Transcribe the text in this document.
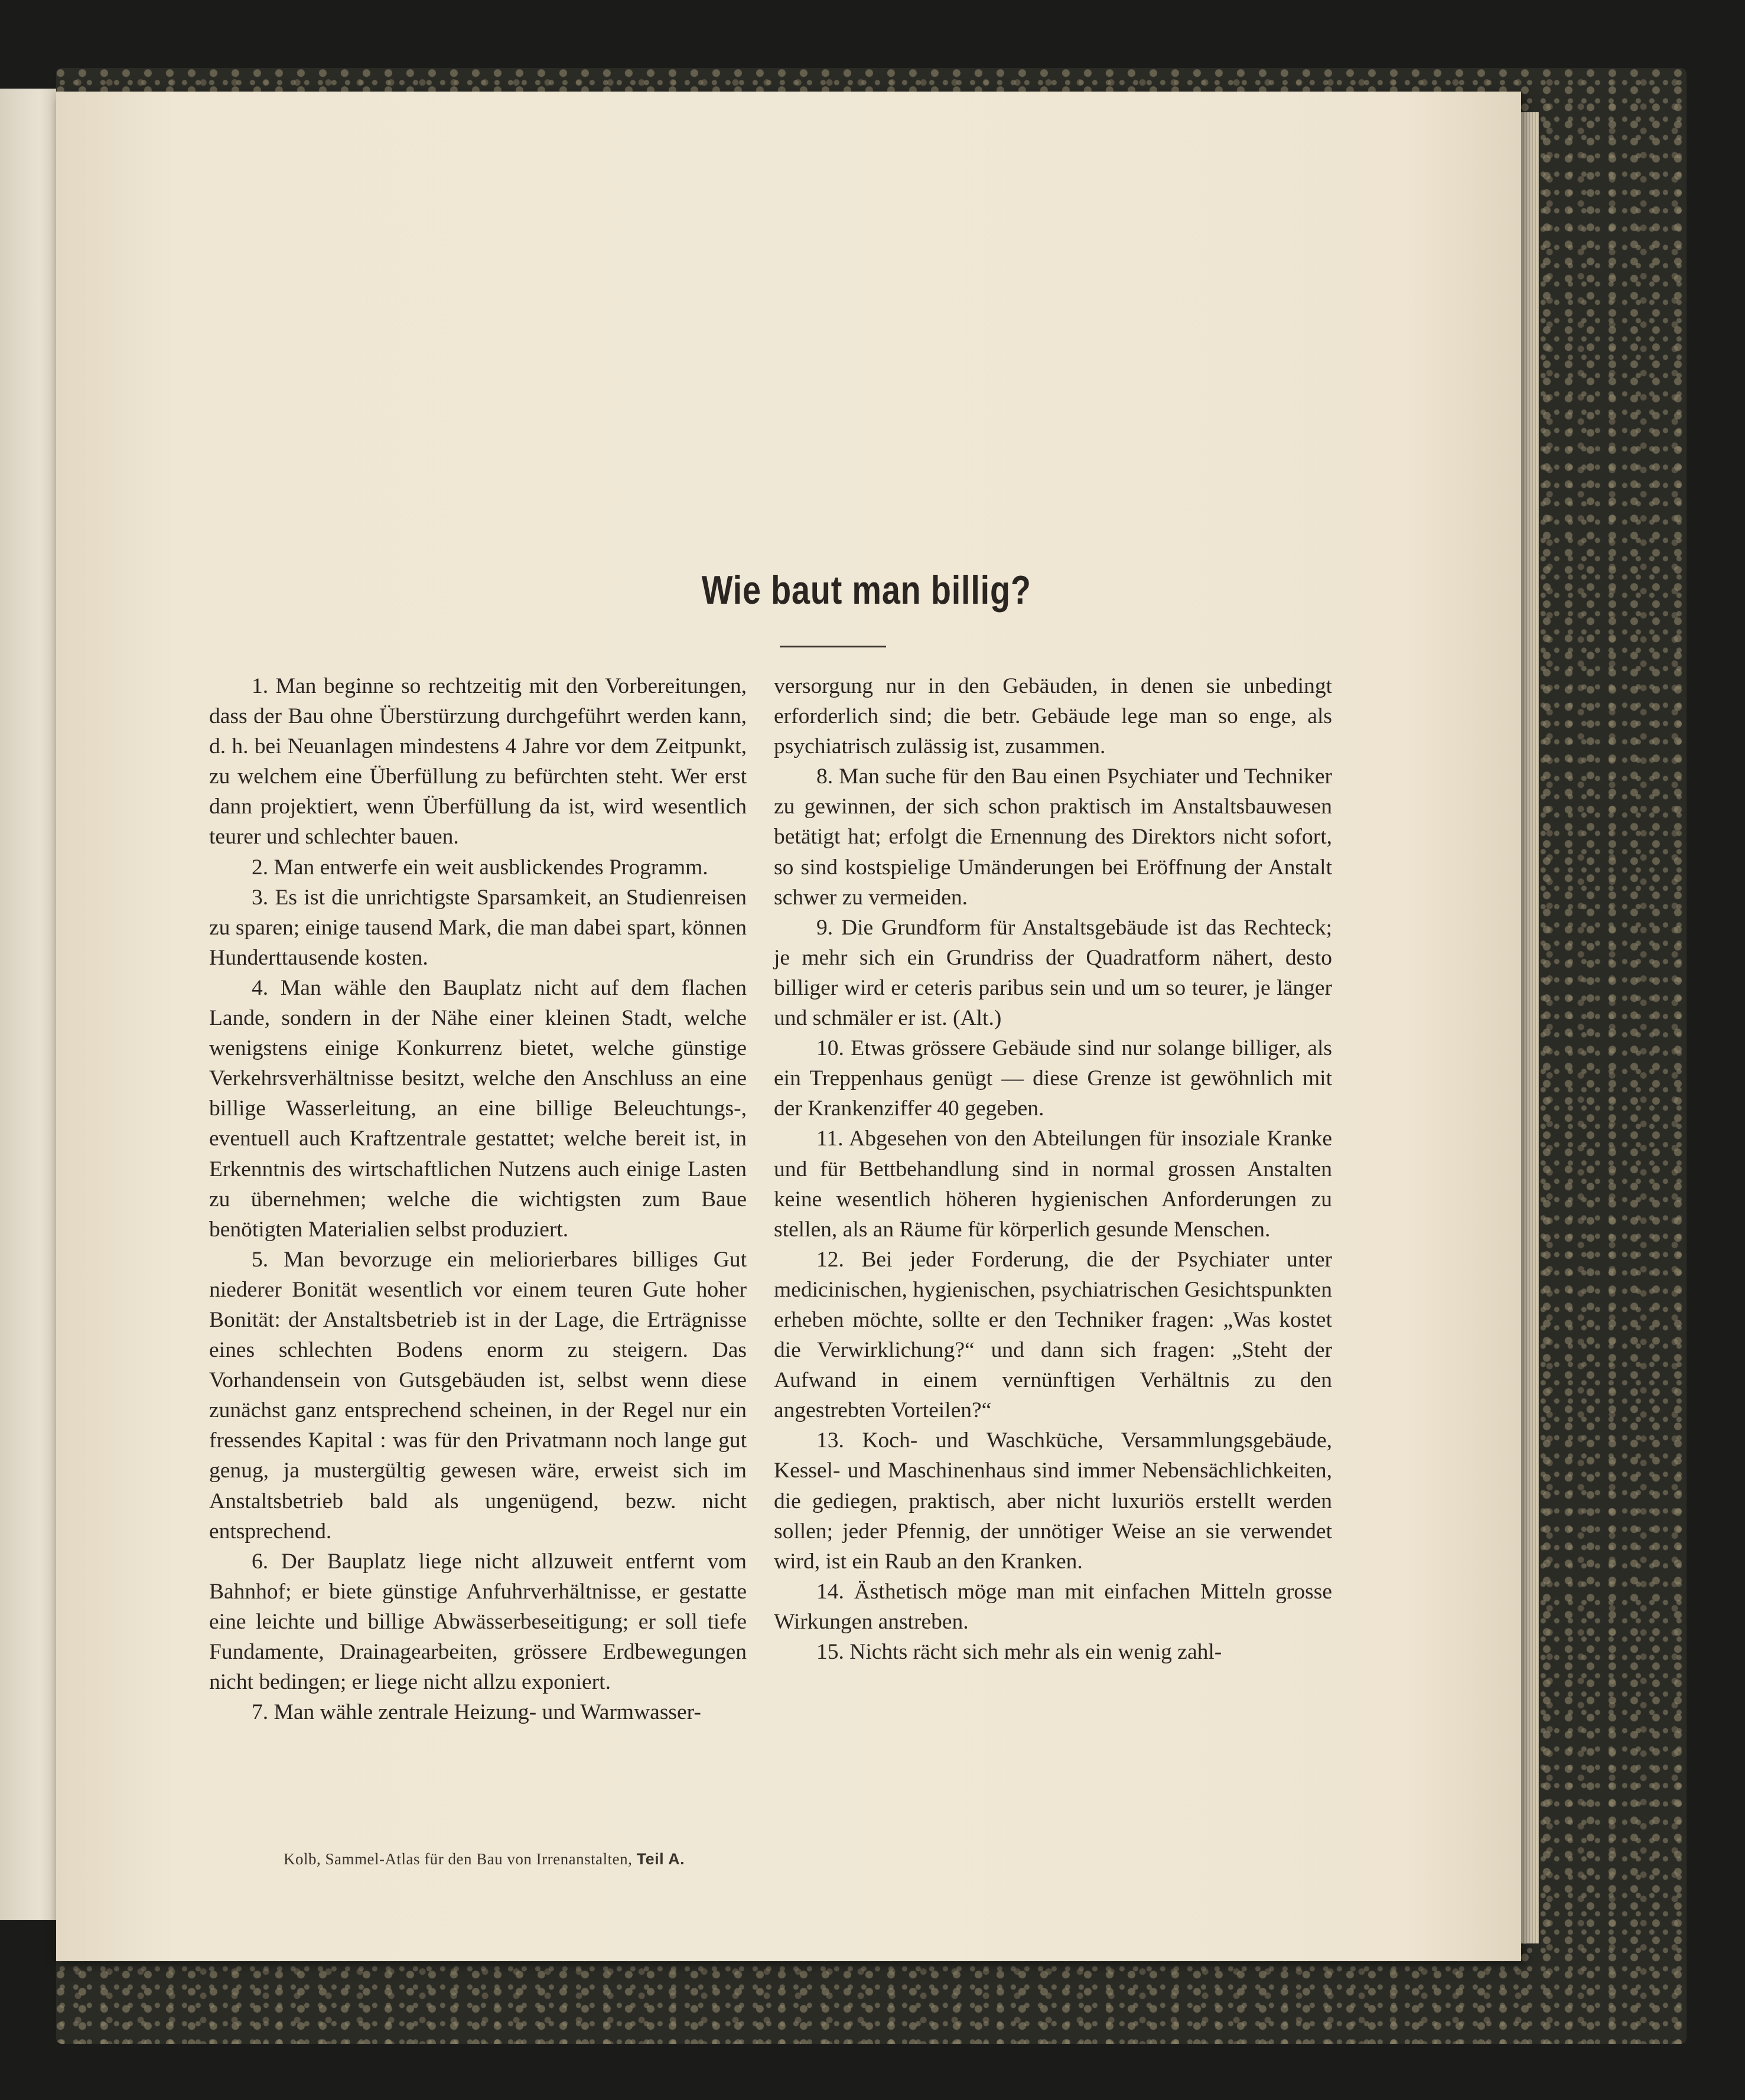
Wie baut man billig?

1. Man beginne so rechtzeitig mit den Vorbereitungen, dass der Bau ohne Überstürzung durchgeführt werden kann, d. h. bei Neuanlagen mindestens 4 Jahre vor dem Zeitpunkt, zu welchem eine Überfüllung zu befürchten steht. Wer erst dann projektiert, wenn Überfüllung da ist, wird wesentlich teurer und schlechter bauen.

2. Man entwerfe ein weit ausblickendes Programm.

3. Es ist die unrichtigste Sparsamkeit, an Studienreisen zu sparen; einige tausend Mark, die man dabei spart, können Hunderttausende kosten.

4. Man wähle den Bauplatz nicht auf dem flachen Lande, sondern in der Nähe einer kleinen Stadt, welche wenigstens einige Konkurrenz bietet, welche günstige Verkehrsverhältnisse besitzt, welche den Anschluss an eine billige Wasserleitung, an eine billige Beleuchtungs-, eventuell auch Kraftzentrale gestattet; welche bereit ist, in Erkenntnis des wirtschaftlichen Nutzens auch einige Lasten zu übernehmen; welche die wichtigsten zum Baue benötigten Materialien selbst produziert.

5. Man bevorzuge ein meliorierbares billiges Gut niederer Bonität wesentlich vor einem teuren Gute hoher Bonität: der Anstaltsbetrieb ist in der Lage, die Erträgnisse eines schlechten Bodens enorm zu steigern. Das Vorhandensein von Gutsgebäuden ist, selbst wenn diese zunächst ganz entsprechend scheinen, in der Regel nur ein fressendes Kapital : was für den Privatmann noch lange gut genug, ja mustergültig gewesen wäre, erweist sich im Anstaltsbetrieb bald als ungenügend, bezw. nicht entsprechend.

6. Der Bauplatz liege nicht allzuweit entfernt vom Bahnhof; er biete günstige Anfuhrverhältnisse, er gestatte eine leichte und billige Abwässerbeseitigung; er soll tiefe Fundamente, Drainagearbeiten, grössere Erdbewegungen nicht bedingen; er liege nicht allzu exponiert.

7. Man wähle zentrale Heizung- und Warmwasser-

versorgung nur in den Gebäuden, in denen sie unbedingt erforderlich sind; die betr. Gebäude lege man so enge, als psychiatrisch zulässig ist, zusammen.

8. Man suche für den Bau einen Psychiater und Techniker zu gewinnen, der sich schon praktisch im Anstaltsbauwesen betätigt hat; erfolgt die Ernennung des Direktors nicht sofort, so sind kostspielige Umänderungen bei Eröffnung der Anstalt schwer zu vermeiden.

9. Die Grundform für Anstaltsgebäude ist das Rechteck; je mehr sich ein Grundriss der Quadratform nähert, desto billiger wird er ceteris paribus sein und um so teurer, je länger und schmäler er ist. (Alt.)

10. Etwas grössere Gebäude sind nur solange billiger, als ein Treppenhaus genügt — diese Grenze ist gewöhnlich mit der Krankenziffer 40 gegeben.

11. Abgesehen von den Abteilungen für insoziale Kranke und für Bettbehandlung sind in normal grossen Anstalten keine wesentlich höheren hygienischen Anforderungen zu stellen, als an Räume für körperlich gesunde Menschen.

12. Bei jeder Forderung, die der Psychiater unter medicinischen, hygienischen, psychiatrischen Gesichtspunkten erheben möchte, sollte er den Techniker fragen: „Was kostet die Verwirklichung?“ und dann sich fragen: „Steht der Aufwand in einem vernünftigen Verhältnis zu den angestrebten Vorteilen?“

13. Koch- und Waschküche, Versammlungsgebäude, Kessel- und Maschinenhaus sind immer Nebensächlichkeiten, die gediegen, praktisch, aber nicht luxuriös erstellt werden sollen; jeder Pfennig, der unnötiger Weise an sie verwendet wird, ist ein Raub an den Kranken.

14. Ästhetisch möge man mit einfachen Mitteln grosse Wirkungen anstreben.

15. Nichts rächt sich mehr als ein wenig zahl-

Kolb, Sammel-Atlas für den Bau von Irrenanstalten, Teil A.
